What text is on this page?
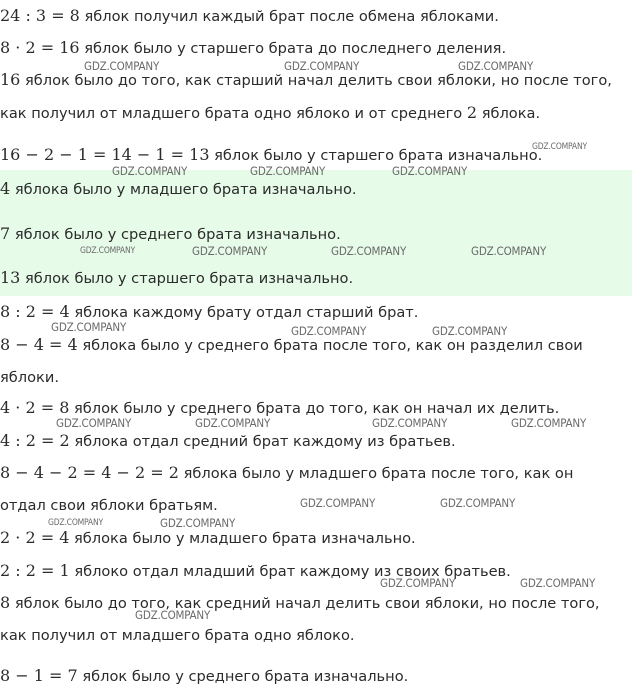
24 : 3 = 8 яблок получил каждый брат после обмена яблоками.
8 · 2 = 16 яблок было у старшего брата до последнего деления.
16 яблок было до того, как старший начал делить свои яблоки, но после того,
как получил от младшего брата одно яблоко и от среднего 2 яблока.
16 − 2 − 1 = 14 − 1 = 13 яблок было у старшего брата изначально.
4 яблока было у младшего брата изначально.
7 яблок было у среднего брата изначально.
13 яблок было у старшего брата изначально.
8 : 2 = 4 яблока каждому брату отдал старший брат.
8 − 4 = 4 яблока было у среднего брата после того, как он разделил свои
яблоки.
4 · 2 = 8 яблок было у среднего брата до того, как он начал их делить.
4 : 2 = 2 яблока отдал средний брат каждому из братьев.
8 − 4 − 2 = 4 − 2 = 2 яблока было у младшего брата после того, как он
отдал свои яблоки братьям.
2 · 2 = 4 яблока было у младшего брата изначально.
2 : 2 = 1 яблоко отдал младший брат каждому из своих братьев.
8 яблок было до того, как средний начал делить свои яблоки, но после того,
как получил от младшего брата одно яблоко.
8 − 1 = 7 яблок было у среднего брата изначально.
GDZ.COMPANY	GDZ.COMPANY	GDZ.COMPANY
GDZ.COMPANY
GDZ.COMPANY	GDZ.COMPANY	GDZ.COMPANY
GDZ.COMPANY	GDZ.COMPANY	GDZ.COMPANY	GDZ.COMPANY
GDZ.COMPANY	GDZ.COMPANY	GDZ.COMPANY
GDZ.COMPANY	GDZ.COMPANY	GDZ.COMPANY	GDZ.COMPANY
GDZ.COMPANY	GDZ.COMPANY
GDZ.COMPANY	GDZ.COMPANY
GDZ.COMPANY	GDZ.COMPANY
GDZ.COMPANY
